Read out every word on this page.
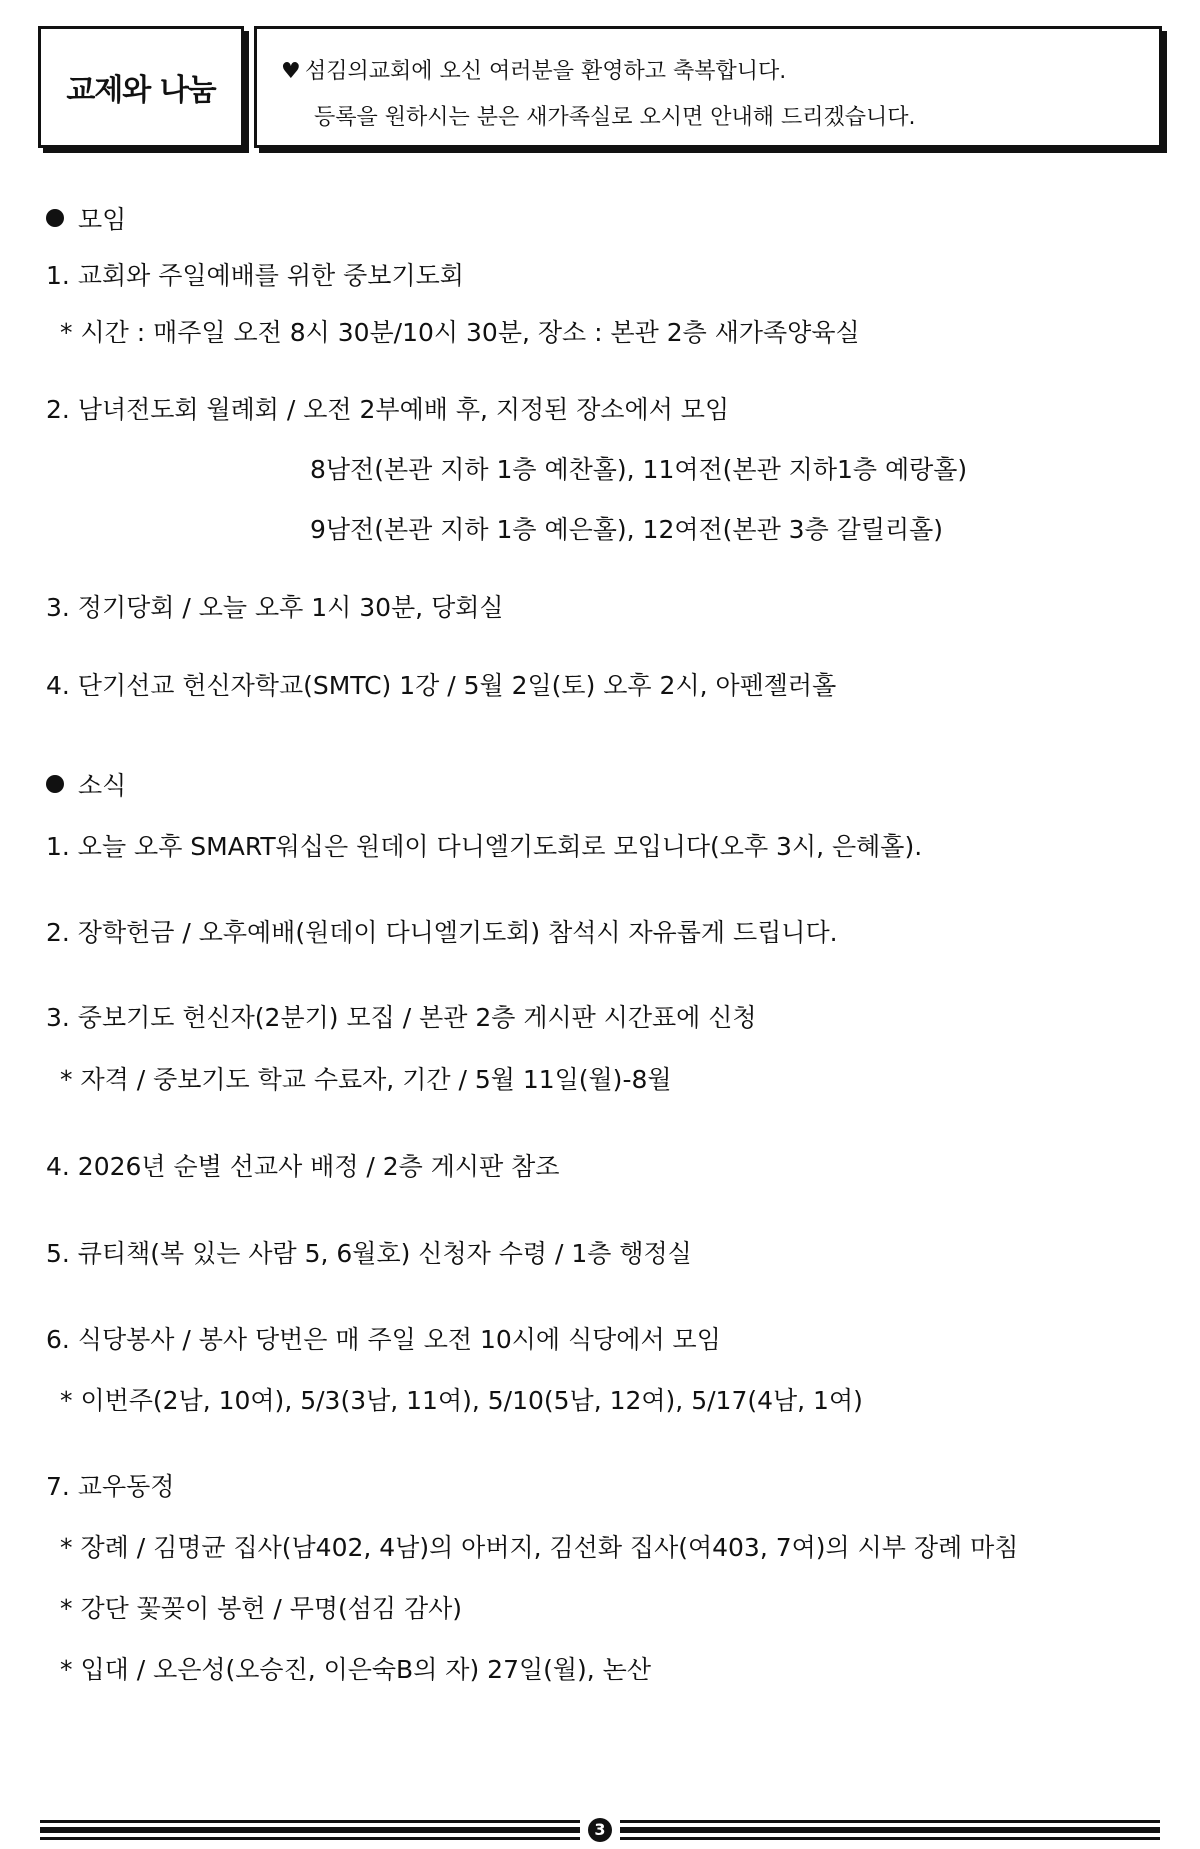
교제와 나눔
♥ 섬김의교회에 오신 여러분을 환영하고 축복합니다.
등록을 원하시는 분은 새가족실로 오시면 안내해 드리겠습니다.
모임
1. 교회와 주일예배를 위한 중보기도회
* 시간 : 매주일 오전 8시 30분/10시 30분, 장소 : 본관 2층 새가족양육실
2. 남녀전도회 월례회 / 오전 2부예배 후, 지정된 장소에서 모임
8남전(본관 지하 1층 예찬홀), 11여전(본관 지하1층 예랑홀)
9남전(본관 지하 1층 예은홀), 12여전(본관 3층 갈릴리홀)
3. 정기당회 / 오늘 오후 1시 30분, 당회실
4. 단기선교 헌신자학교(SMTC) 1강 / 5월 2일(토) 오후 2시, 아펜젤러홀
소식
1. 오늘 오후 SMART워십은 원데이 다니엘기도회로 모입니다(오후 3시, 은혜홀).
2. 장학헌금 / 오후예배(원데이 다니엘기도회) 참석시 자유롭게 드립니다.
3. 중보기도 헌신자(2분기) 모집 / 본관 2층 게시판 시간표에 신청
* 자격 / 중보기도 학교 수료자, 기간 / 5월 11일(월)-8월
4. 2026년 순별 선교사 배정 / 2층 게시판 참조
5. 큐티책(복 있는 사람 5, 6월호) 신청자 수령 / 1층 행정실
6. 식당봉사 / 봉사 당번은 매 주일 오전 10시에 식당에서 모임
* 이번주(2남, 10여), 5/3(3남, 11여), 5/10(5남, 12여), 5/17(4남, 1여)
7. 교우동정
* 장례 / 김명균 집사(남402, 4남)의 아버지, 김선화 집사(여403, 7여)의 시부 장례 마침
* 강단 꽃꽂이 봉헌 / 무명(섬김 감사)
* 입대 / 오은성(오승진, 이은숙B의 자) 27일(월), 논산
3
